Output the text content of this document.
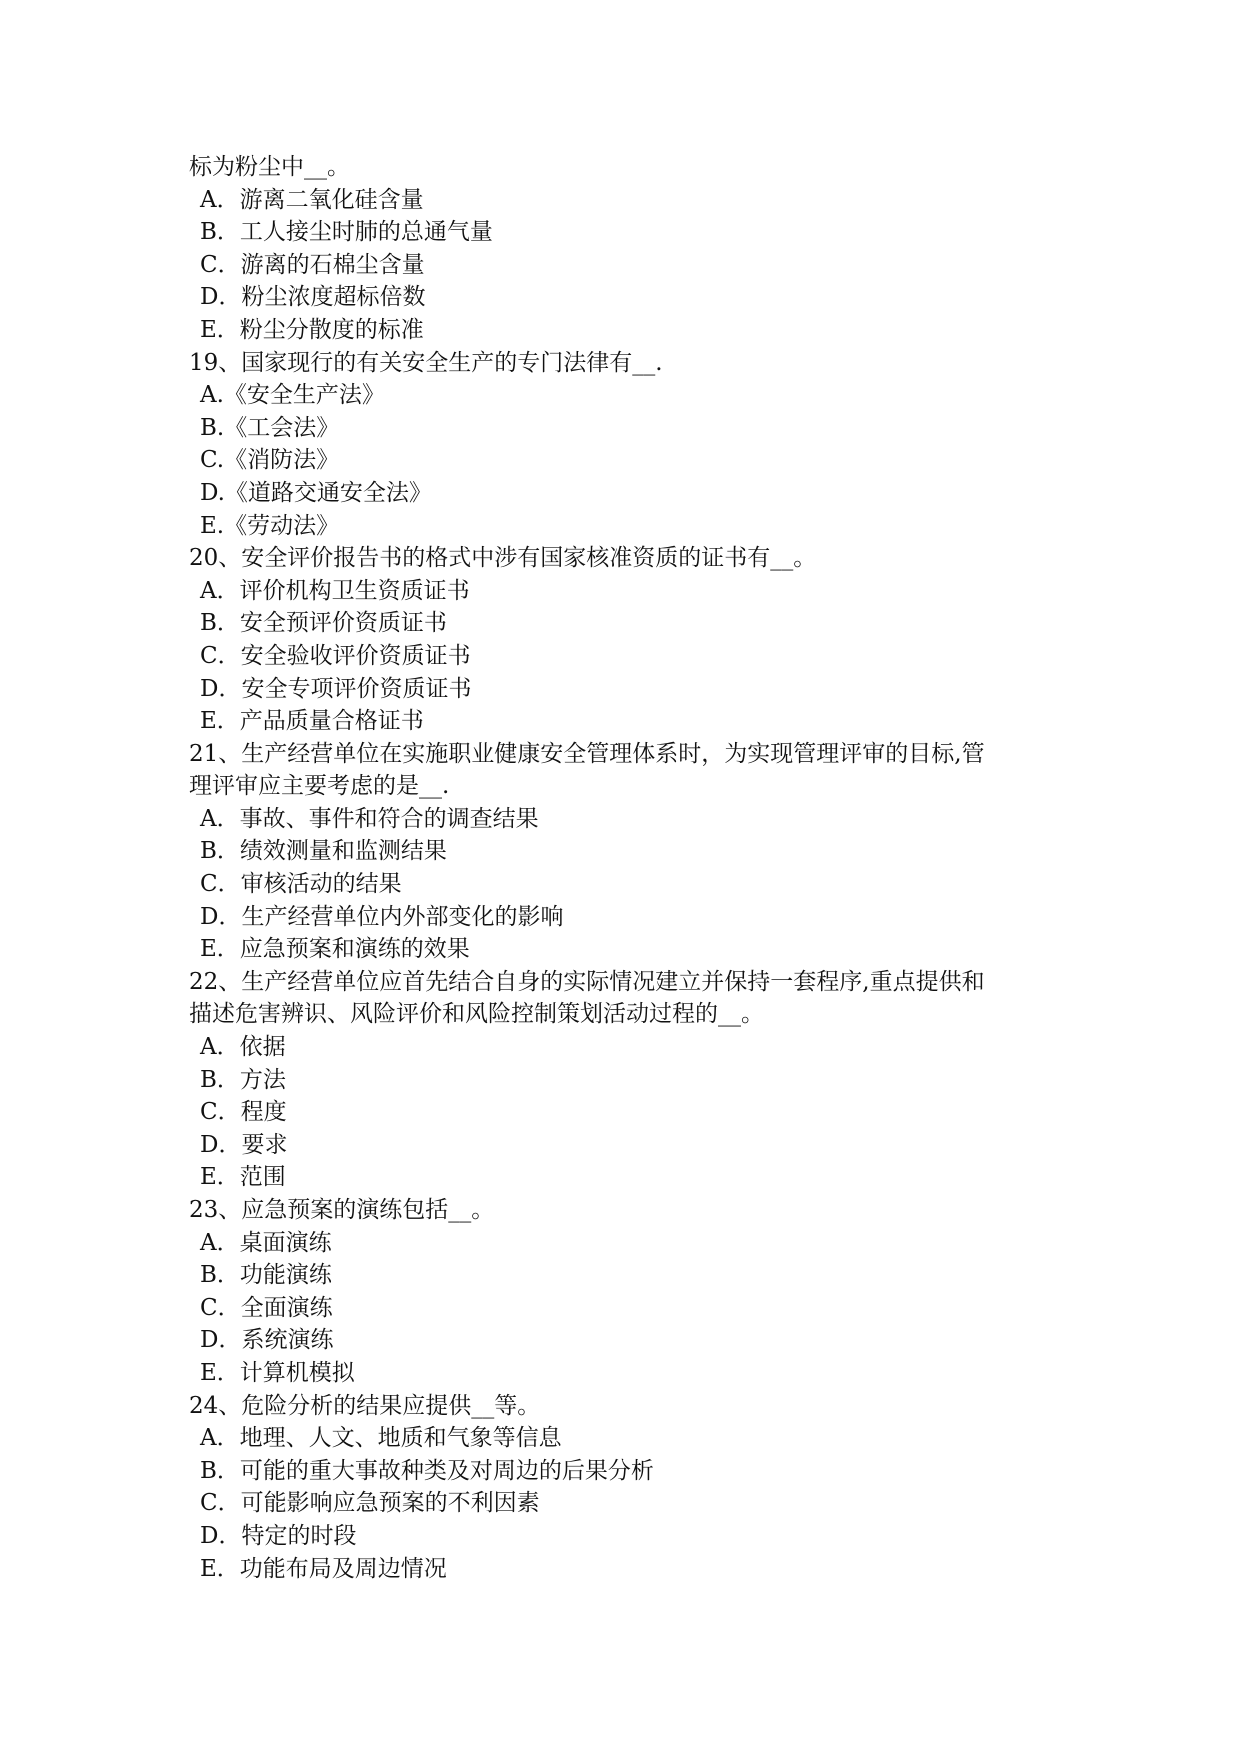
标为粉尘中__。
A．游离二氧化硅含量
B．工人接尘时肺的总通气量
C．游离的石棉尘含量
D．粉尘浓度超标倍数
E．粉尘分散度的标准
19、国家现行的有关安全生产的专门法律有__.
A.《安全生产法》
B.《工会法》
C.《消防法》
D.《道路交通安全法》
E.《劳动法》
20、安全评价报告书的格式中涉有国家核准资质的证书有__。
A．评价机构卫生资质证书
B．安全预评价资质证书
C．安全验收评价资质证书
D．安全专项评价资质证书
E．产品质量合格证书
21、生产经营单位在实施职业健康安全管理体系时，为实现管理评审的目标,管
理评审应主要考虑的是__.
A．事故、事件和符合的调查结果
B．绩效测量和监测结果
C．审核活动的结果
D．生产经营单位内外部变化的影响
E．应急预案和演练的效果
22、生产经营单位应首先结合自身的实际情况建立并保持一套程序,重点提供和
描述危害辨识、风险评价和风险控制策划活动过程的__。
A．依据
B．方法
C．程度
D．要求
E．范围
23、应急预案的演练包括__。
A．桌面演练
B．功能演练
C．全面演练
D．系统演练
E．计算机模拟
24、危险分析的结果应提供__等。
A．地理、人文、地质和气象等信息
B．可能的重大事故种类及对周边的后果分析
C．可能影响应急预案的不利因素
D．特定的时段
E．功能布局及周边情况
